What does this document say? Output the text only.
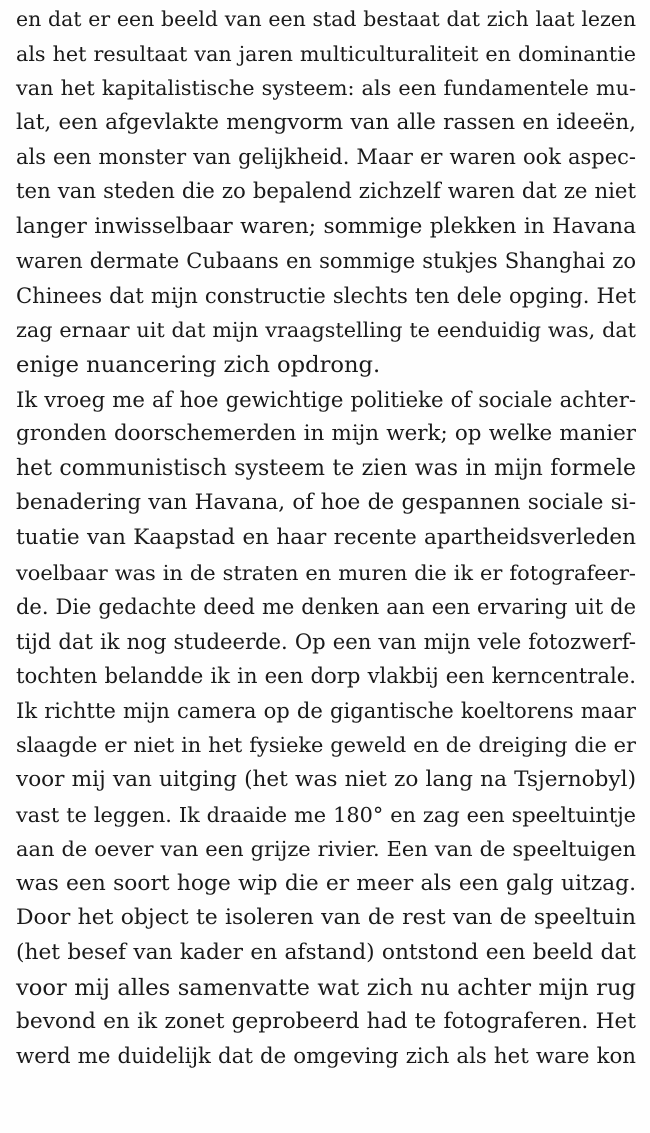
en dat er een beeld van een stad bestaat dat zich laat lezen
als het resultaat van jaren multiculturaliteit en dominantie
van het kapitalistische systeem: als een fundamentele mu-
lat, een afgevlakte mengvorm van alle rassen en ideeën,
als een monster van gelijkheid. Maar er waren ook aspec-
ten van steden die zo bepalend zichzelf waren dat ze niet
langer inwisselbaar waren; sommige plekken in Havana
waren dermate Cubaans en sommige stukjes Shanghai zo
Chinees dat mijn constructie slechts ten dele opging. Het
zag ernaar uit dat mijn vraagstelling te eenduidig was, dat
enige nuancering zich opdrong.
Ik vroeg me af hoe gewichtige politieke of sociale achter-
gronden doorschemerden in mijn werk; op welke manier
het communistisch systeem te zien was in mijn formele
benadering van Havana, of hoe de gespannen sociale si-
tuatie van Kaapstad en haar recente apartheidsverleden
voelbaar was in de straten en muren die ik er fotografeer-
de. Die gedachte deed me denken aan een ervaring uit de
tijd dat ik nog studeerde. Op een van mijn vele fotozwerf-
tochten belandde ik in een dorp vlakbij een kerncentrale.
Ik richtte mijn camera op de gigantische koeltorens maar
slaagde er niet in het fysieke geweld en de dreiging die er
voor mij van uitging (het was niet zo lang na Tsjernobyl)
vast te leggen. Ik draaide me 180° en zag een speeltuintje
aan de oever van een grijze rivier. Een van de speeltuigen
was een soort hoge wip die er meer als een galg uitzag.
Door het object te isoleren van de rest van de speeltuin
(het besef van kader en afstand) ontstond een beeld dat
voor mij alles samenvatte wat zich nu achter mijn rug
bevond en ik zonet geprobeerd had te fotograferen. Het
werd me duidelijk dat de omgeving zich als het ware kon
